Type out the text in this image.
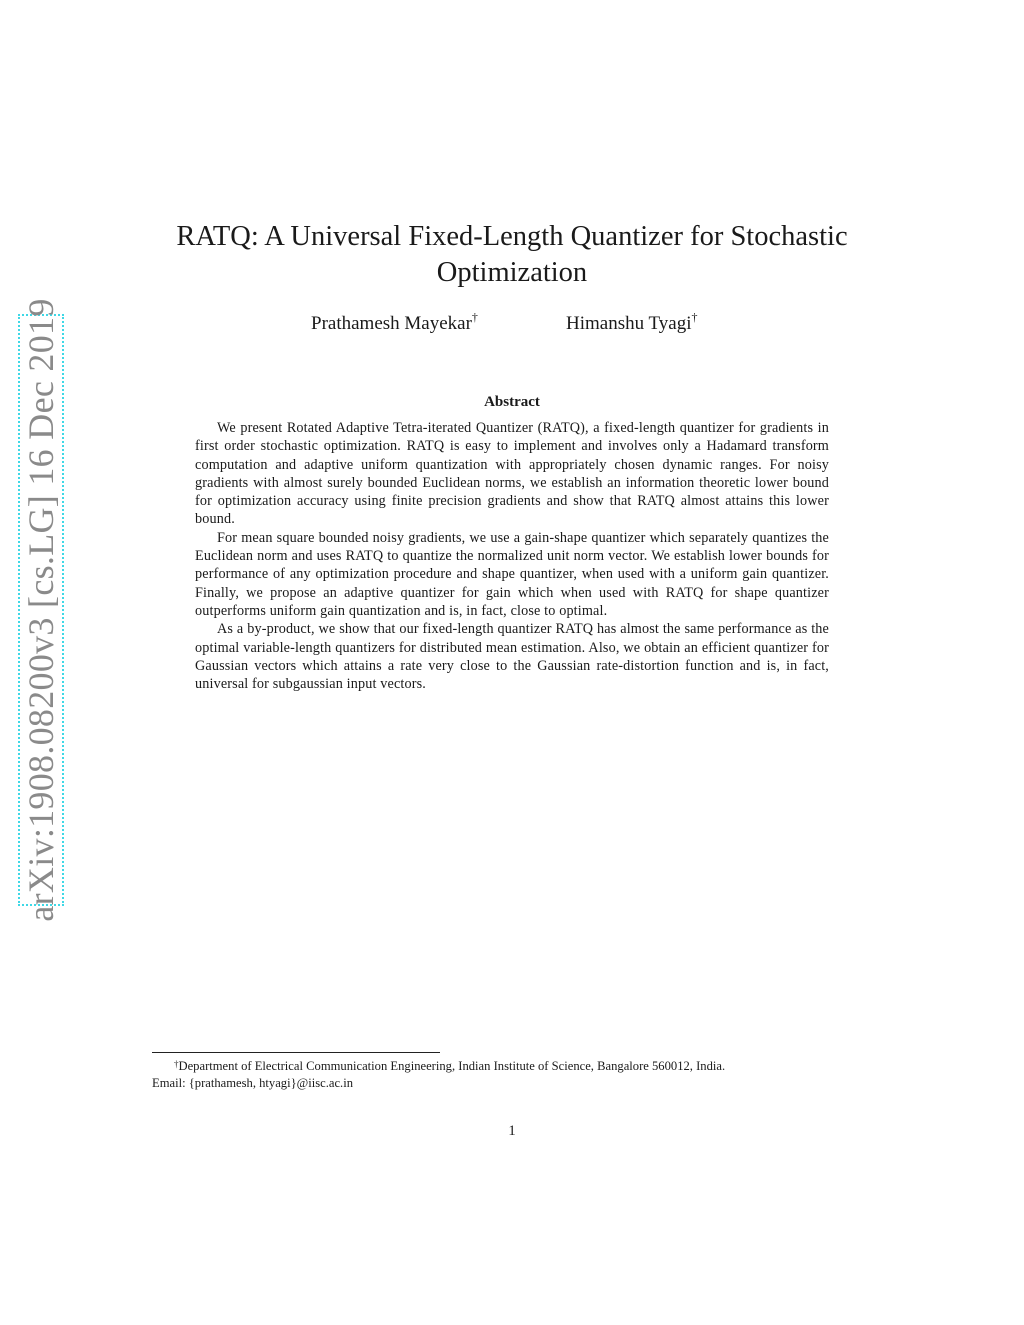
arXiv:1908.08200v3 [cs.LG] 16 Dec 2019
RATQ: A Universal Fixed-Length Quantizer for Stochastic Optimization
Prathamesh Mayekar†	Himanshu Tyagi†
Abstract

We present Rotated Adaptive Tetra-iterated Quantizer (RATQ), a fixed-length quantizer for gradients in first order stochastic optimization. RATQ is easy to implement and involves only a Hadamard transform computation and adaptive uniform quantization with appropriately chosen dynamic ranges. For noisy gradients with almost surely bounded Euclidean norms, we establish an information theoretic lower bound for optimization accuracy using finite precision gradients and show that RATQ almost attains this lower bound.

For mean square bounded noisy gradients, we use a gain-shape quantizer which separately quantizes the Euclidean norm and uses RATQ to quantize the normalized unit norm vector. We establish lower bounds for performance of any optimization procedure and shape quantizer, when used with a uniform gain quantizer. Finally, we propose an adaptive quantizer for gain which when used with RATQ for shape quantizer outperforms uniform gain quantization and is, in fact, close to optimal.

As a by-product, we show that our fixed-length quantizer RATQ has almost the same performance as the optimal variable-length quantizers for distributed mean estimation. Also, we obtain an efficient quantizer for Gaussian vectors which attains a rate very close to the Gaussian rate-distortion function and is, in fact, universal for subgaussian input vectors.

†Department of Electrical Communication Engineering, Indian Institute of Science, Bangalore 560012, India.
Email: {prathamesh, htyagi}@iisc.ac.in
1
